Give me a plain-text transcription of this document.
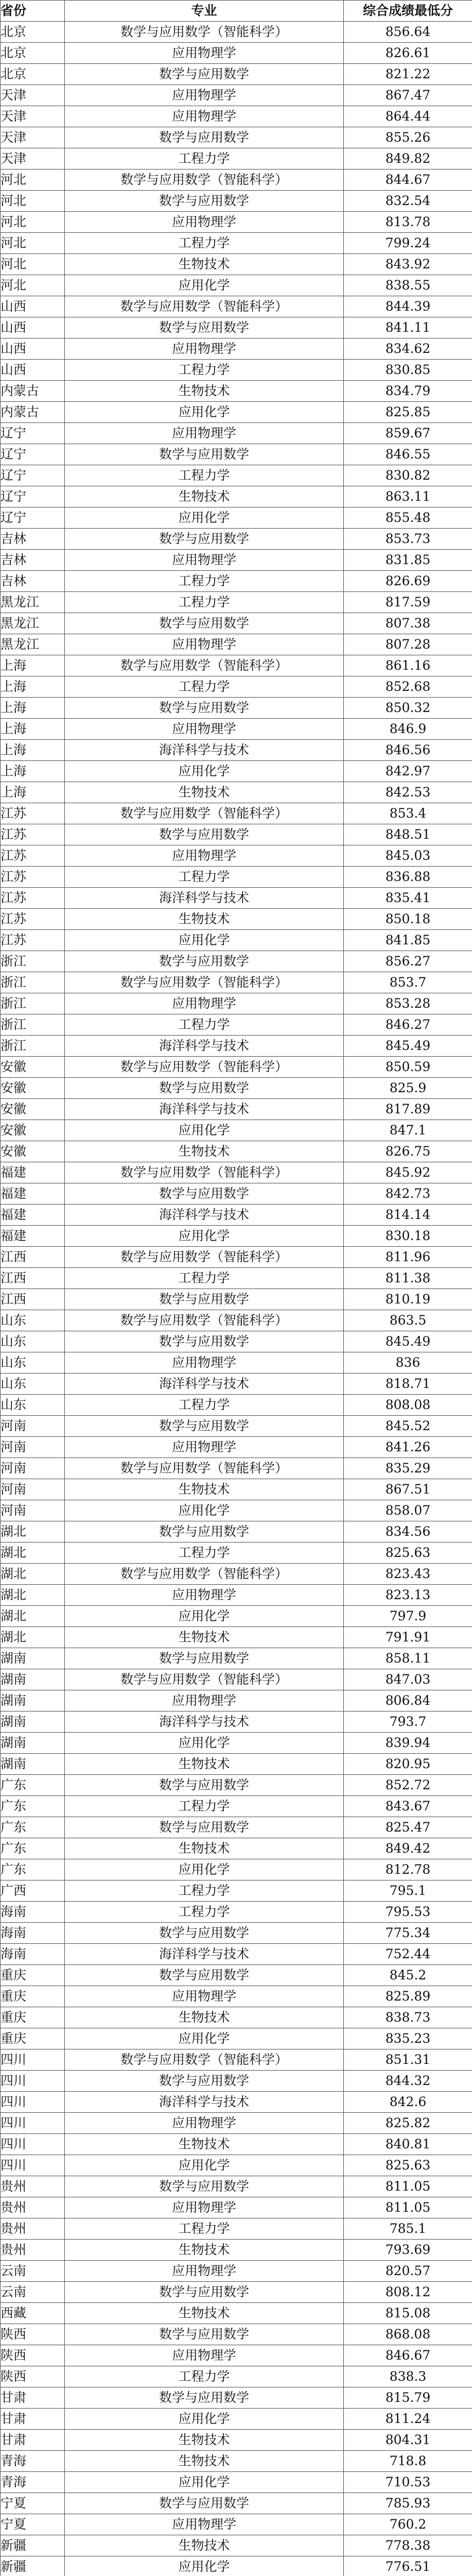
省份	专业	综合成绩最低分
北京	数学与应用数学（智能科学）	856.64
北京	应用物理学	826.61
北京	数学与应用数学	821.22
天津	应用物理学	867.47
天津	应用物理学	864.44
天津	数学与应用数学	855.26
天津	工程力学	849.82
河北	数学与应用数学（智能科学）	844.67
河北	数学与应用数学	832.54
河北	应用物理学	813.78
河北	工程力学	799.24
河北	生物技术	843.92
河北	应用化学	838.55
山西	数学与应用数学（智能科学）	844.39
山西	数学与应用数学	841.11
山西	应用物理学	834.62
山西	工程力学	830.85
内蒙古	生物技术	834.79
内蒙古	应用化学	825.85
辽宁	应用物理学	859.67
辽宁	数学与应用数学	846.55
辽宁	工程力学	830.82
辽宁	生物技术	863.11
辽宁	应用化学	855.48
吉林	数学与应用数学	853.73
吉林	应用物理学	831.85
吉林	工程力学	826.69
黑龙江	工程力学	817.59
黑龙江	数学与应用数学	807.38
黑龙江	应用物理学	807.28
上海	数学与应用数学（智能科学）	861.16
上海	工程力学	852.68
上海	数学与应用数学	850.32
上海	应用物理学	846.9
上海	海洋科学与技术	846.56
上海	应用化学	842.97
上海	生物技术	842.53
江苏	数学与应用数学（智能科学）	853.4
江苏	数学与应用数学	848.51
江苏	应用物理学	845.03
江苏	工程力学	836.88
江苏	海洋科学与技术	835.41
江苏	生物技术	850.18
江苏	应用化学	841.85
浙江	数学与应用数学	856.27
浙江	数学与应用数学（智能科学）	853.7
浙江	应用物理学	853.28
浙江	工程力学	846.27
浙江	海洋科学与技术	845.49
安徽	数学与应用数学（智能科学）	850.59
安徽	数学与应用数学	825.9
安徽	海洋科学与技术	817.89
安徽	应用化学	847.1
安徽	生物技术	826.75
福建	数学与应用数学（智能科学）	845.92
福建	数学与应用数学	842.73
福建	海洋科学与技术	814.14
福建	应用化学	830.18
江西	数学与应用数学（智能科学）	811.96
江西	工程力学	811.38
江西	数学与应用数学	810.19
山东	数学与应用数学（智能科学）	863.5
山东	数学与应用数学	845.49
山东	应用物理学	836
山东	海洋科学与技术	818.71
山东	工程力学	808.08
河南	数学与应用数学	845.52
河南	应用物理学	841.26
河南	数学与应用数学（智能科学）	835.29
河南	生物技术	867.51
河南	应用化学	858.07
湖北	数学与应用数学	834.56
湖北	工程力学	825.63
湖北	数学与应用数学（智能科学）	823.43
湖北	应用物理学	823.13
湖北	应用化学	797.9
湖北	生物技术	791.91
湖南	数学与应用数学	858.11
湖南	数学与应用数学（智能科学）	847.03
湖南	应用物理学	806.84
湖南	海洋科学与技术	793.7
湖南	应用化学	839.94
湖南	生物技术	820.95
广东	数学与应用数学	852.72
广东	工程力学	843.67
广东	数学与应用数学	825.47
广东	生物技术	849.42
广东	应用化学	812.78
广西	工程力学	795.1
海南	工程力学	795.53
海南	数学与应用数学	775.34
海南	海洋科学与技术	752.44
重庆	数学与应用数学	845.2
重庆	应用物理学	825.89
重庆	生物技术	838.73
重庆	应用化学	835.23
四川	数学与应用数学（智能科学）	851.31
四川	数学与应用数学	844.32
四川	海洋科学与技术	842.6
四川	应用物理学	825.82
四川	生物技术	840.81
四川	应用化学	825.63
贵州	数学与应用数学	811.05
贵州	应用物理学	811.05
贵州	工程力学	785.1
贵州	生物技术	793.69
云南	应用物理学	820.57
云南	数学与应用数学	808.12
西藏	生物技术	815.08
陕西	数学与应用数学	868.08
陕西	应用物理学	846.67
陕西	工程力学	838.3
甘肃	数学与应用数学	815.79
甘肃	应用化学	811.24
甘肃	生物技术	804.31
青海	生物技术	718.8
青海	应用化学	710.53
宁夏	数学与应用数学	785.93
宁夏	应用物理学	760.2
新疆	生物技术	778.38
新疆	应用化学	776.51
